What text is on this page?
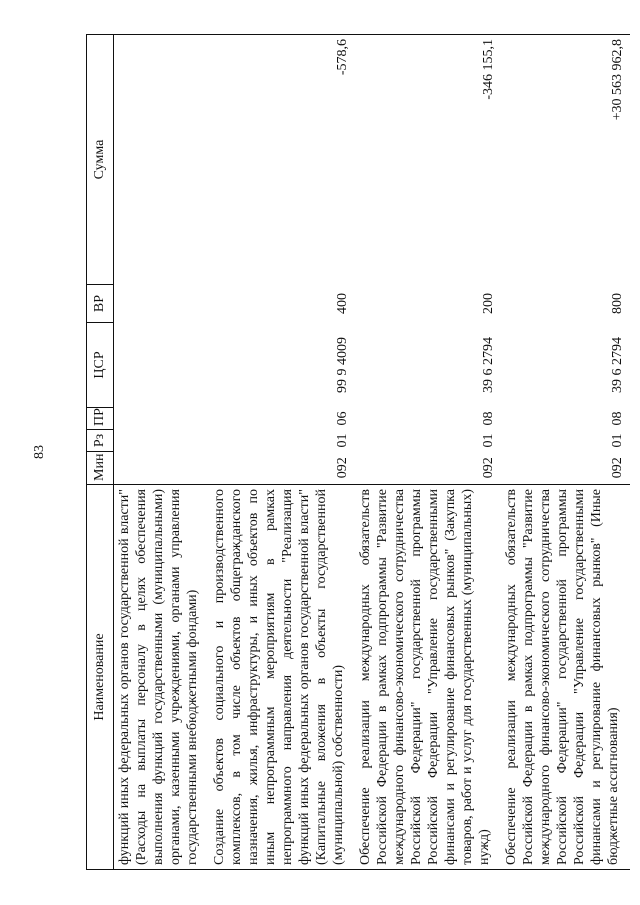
83
Наименование	Мин	Рз	ПР	ЦСР	ВР	Сумма
функций иных федеральных органов государственной власти" (Расходы на выплаты персоналу в целях обеспечения выполнения функций государственными (муниципальными) органами, казенными учреждениями, органами управления государственными внебюджетными фондами)						
Создание объектов социального и производственного комплексов, в том числе объектов общегражданского назначения, жилья, инфраструктуры, и иных объектов по иным непрограммным мероприятиям в рамках непрограммного направления деятельности "Реализация функций иных федеральных органов государственной власти" (Капитальные вложения в объекты государственной (муниципальной) собственности)	092	01	06	99 9 4009	400	-578,6
Обеспечение реализации международных обязательств Российской Федерации в рамках подпрограммы "Развитие международного финансово-экономического сотрудничества Российской Федерации" государственной программы Российской Федерации "Управление государственными финансами и регулирование финансовых рынков" (Закупка товаров, работ и услуг для государственных (муниципальных) нужд)	092	01	08	39 6 2794	200	-346 155,1
Обеспечение реализации международных обязательств Российской Федерации в рамках подпрограммы "Развитие международного финансово-экономического сотрудничества Российской Федерации" государственной программы Российской Федерации "Управление государственными финансами и регулирование финансовых рынков" (Иные бюджетные ассигнования)	092	01	08	39 6 2794	800	+30 563 962,8
